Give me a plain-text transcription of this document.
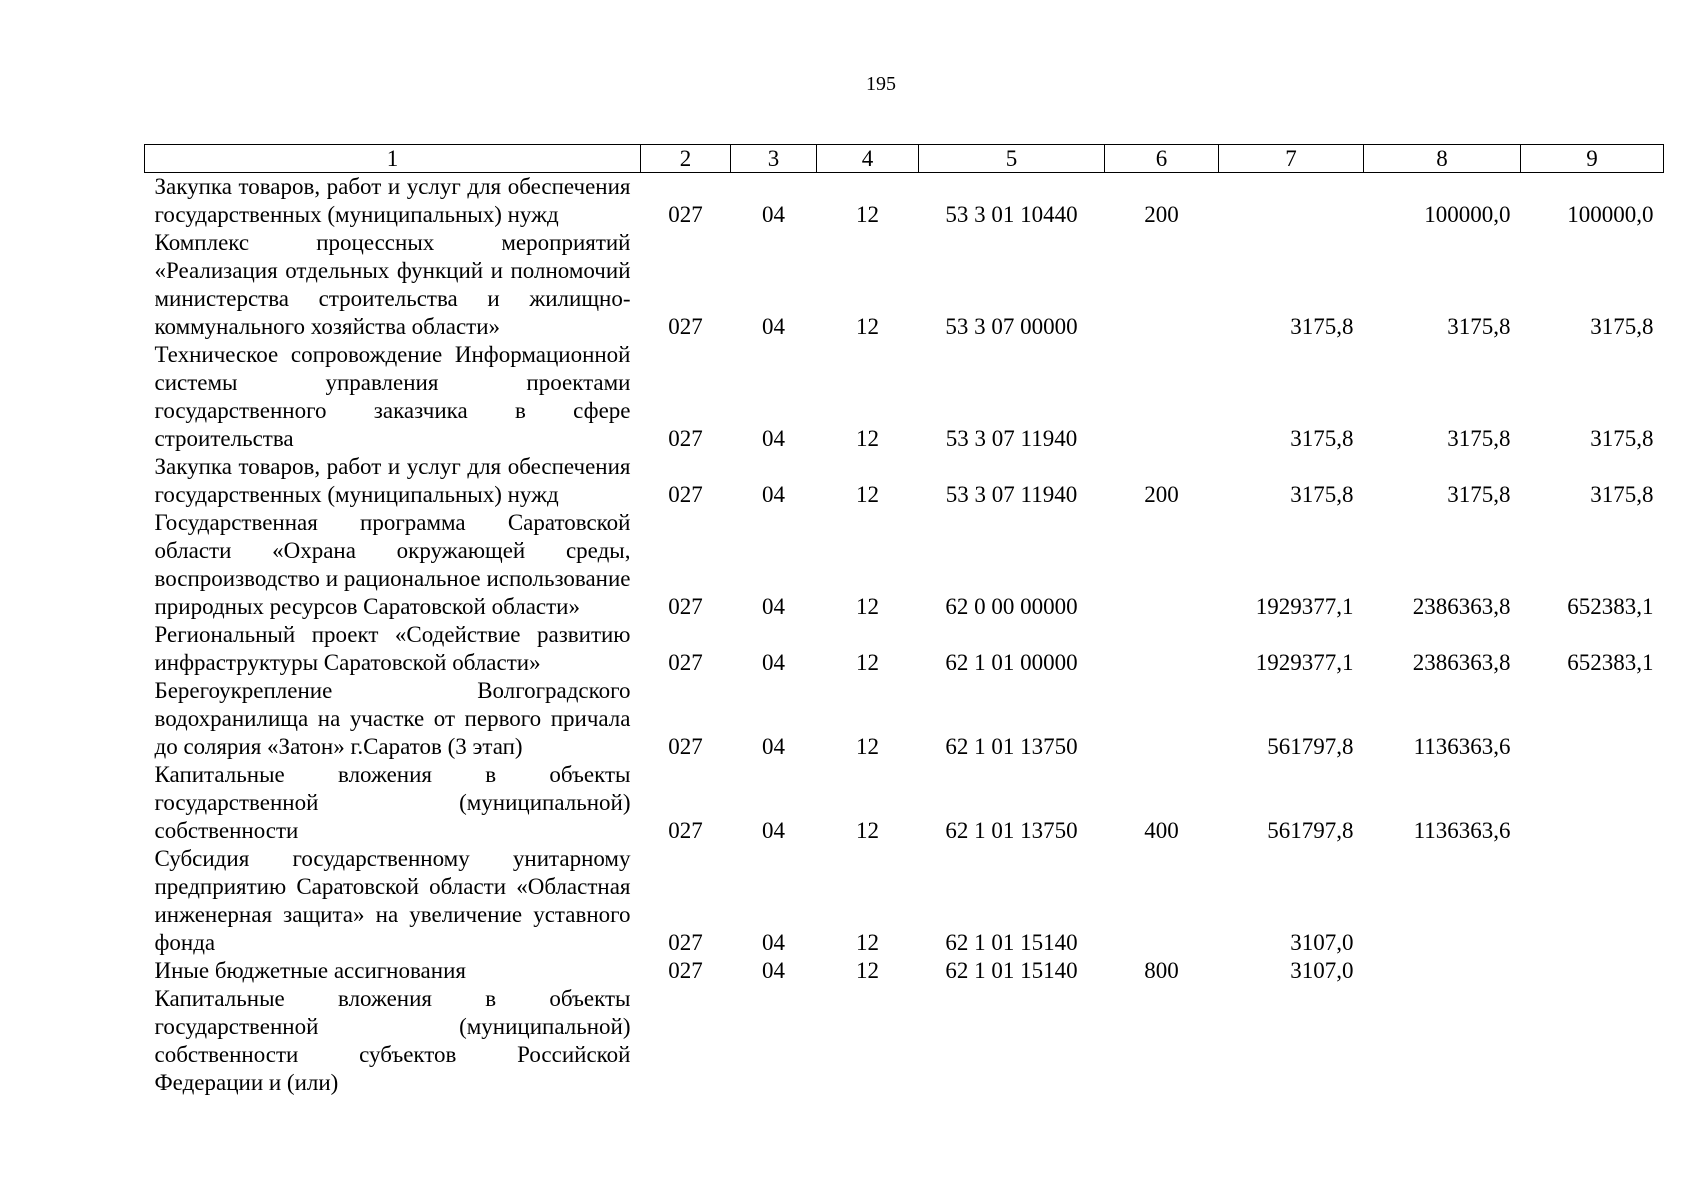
195
1	2	3	4	5	6	7	8	9
Закупка товаров, работ и услуг для обеспечения государственных (муниципальных) нужд	027	04	12	53 3 01 10440	200		100000,0	100000,0
Комплекс процессных мероприятий «Реализация отдельных функций и полномочий министерства строительства и жилищно-коммунального хозяйства области»	027	04	12	53 3 07 00000		3175,8	3175,8	3175,8
Техническое сопровождение Информационной системы управления проектами государственного заказчика в сфере строительства	027	04	12	53 3 07 11940		3175,8	3175,8	3175,8
Закупка товаров, работ и услуг для обеспечения государственных (муниципальных) нужд	027	04	12	53 3 07 11940	200	3175,8	3175,8	3175,8
Государственная программа Саратовской области «Охрана окружающей среды, воспроизводство и рациональное использование природных ресурсов Саратовской области»	027	04	12	62 0 00 00000		1929377,1	2386363,8	652383,1
Региональный проект «Содействие развитию инфраструктуры Саратовской области»	027	04	12	62 1 01 00000		1929377,1	2386363,8	652383,1
Берегоукрепление Волгоградского водохранилища на участке от первого причала до солярия «Затон» г.Саратов (3 этап)	027	04	12	62 1 01 13750		561797,8	1136363,6	
Капитальные вложения в объекты государственной (муниципальной) собственности	027	04	12	62 1 01 13750	400	561797,8	1136363,6	
Субсидия государственному унитарному предприятию Саратовской области «Областная инженерная защита» на увеличение уставного фонда	027	04	12	62 1 01 15140		3107,0		
Иные бюджетные ассигнования	027	04	12	62 1 01 15140	800	3107,0		
Капитальные вложения в объекты государственной (муниципальной) собственности субъектов Российской Федерации и (или)								
